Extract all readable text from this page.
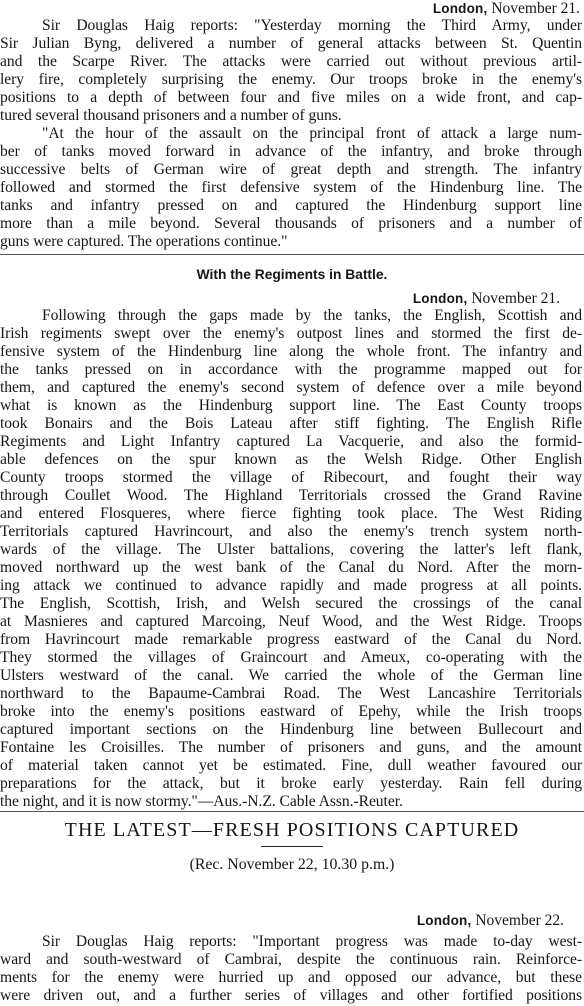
London, November 21.
Sir Douglas Haig reports: "Yesterday morning the Third Army, under
Sir Julian Byng, delivered a number of general attacks between St. Quentin
and the Scarpe River. The attacks were carried out without previous artil-
lery fire, completely surprising the enemy. Our troops broke in the enemy's
positions to a depth of between four and five miles on a wide front, and cap-
tured several thousand prisoners and a number of guns.
"At the hour of the assault on the principal front of attack a large num-
ber of tanks moved forward in advance of the infantry, and broke through
successive belts of German wire of great depth and strength. The infantry
followed and stormed the first defensive system of the Hindenburg line. The
tanks and infantry pressed on and captured the Hindenburg support line
more than a mile beyond. Several thousands of prisoners and a number of
guns were captured. The operations continue."
With the Regiments in Battle.
London, November 21.
Following through the gaps made by the tanks, the English, Scottish and
Irish regiments swept over the enemy's outpost lines and stormed the first de-
fensive system of the Hindenburg line along the whole front. The infantry and
the tanks pressed on in accordance with the programme mapped out for
them, and captured the enemy's second system of defence over a mile beyond
what is known as the Hindenburg support line. The East County troops
took Bonairs and the Bois Lateau after stiff fighting. The English Rifle
Regiments and Light Infantry captured La Vacquerie, and also the formid-
able defences on the spur known as the Welsh Ridge. Other English
County troops stormed the village of Ribecourt, and fought their way
through Coullet Wood. The Highland Territorials crossed the Grand Ravine
and entered Flosqueres, where fierce fighting took place. The West Riding
Territorials captured Havrincourt, and also the enemy's trench system north-
wards of the village. The Ulster battalions, covering the latter's left flank,
moved northward up the west bank of the Canal du Nord. After the morn-
ing attack we continued to advance rapidly and made progress at all points.
The English, Scottish, Irish, and Welsh secured the crossings of the canal
at Masnieres and captured Marcoing, Neuf Wood, and the West Ridge. Troops
from Havrincourt made remarkable progress eastward of the Canal du Nord.
They stormed the villages of Graincourt and Ameux, co-operating with the
Ulsters westward of the canal. We carried the whole of the German line
northward to the Bapaume-Cambrai Road. The West Lancashire Territorials
broke into the enemy's positions eastward of Epehy, while the Irish troops
captured important sections on the Hindenburg line between Bullecourt and
Fontaine les Croisilles. The number of prisoners and guns, and the amount
of material taken cannot yet be estimated. Fine, dull weather favoured our
preparations for the attack, but it broke early yesterday. Rain fell during
the night, and it is now stormy."—Aus.-N.Z. Cable Assn.-Reuter.
THE LATEST—FRESH POSITIONS CAPTURED
(Rec. November 22, 10.30 p.m.)
London, November 22.
Sir Douglas Haig reports: "Important progress was made to-day west-
ward and south-westward of Cambrai, despite the continuous rain. Reinforce-
ments for the enemy were hurried up and opposed our advance, but these
were driven out, and a further series of villages and other fortified positions
